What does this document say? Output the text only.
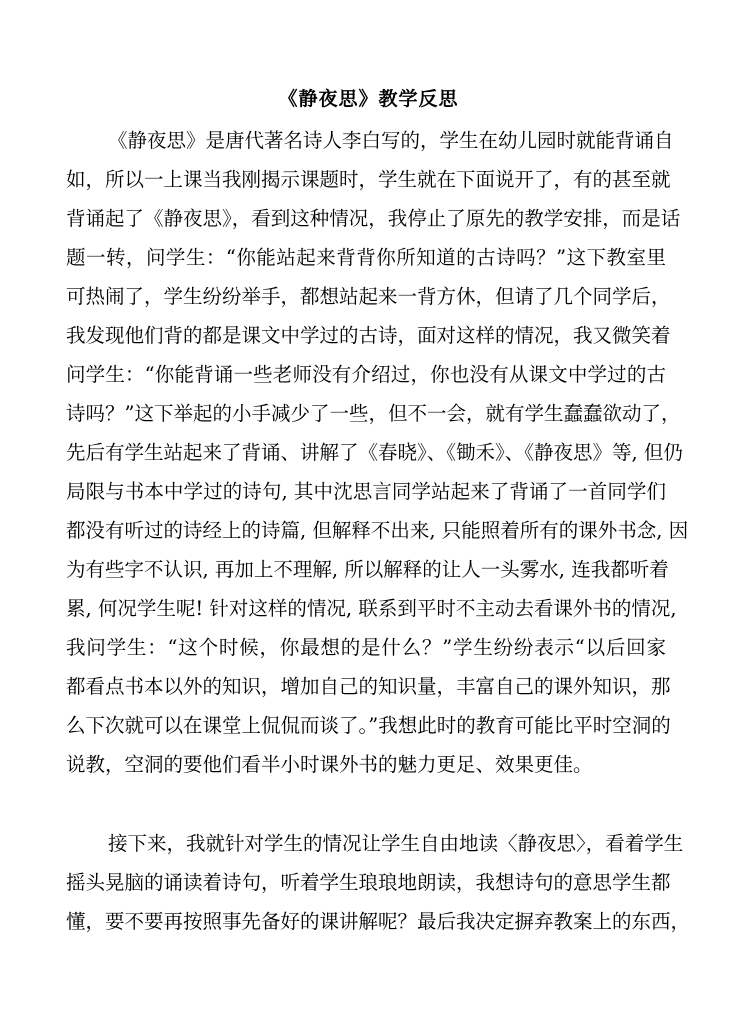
《静夜思》教学反思
《静夜思》是唐代著名诗人李白写的，学生在幼儿园时就能背诵自
如，所以一上课当我刚揭示课题时，学生就在下面说开了，有的甚至就
背诵起了《静夜思》，看到这种情况，我停止了原先的教学安排，而是话
题一转，问学生：“你能站起来背背你所知道的古诗吗？”这下教室里
可热闹了，学生纷纷举手，都想站起来一背方休，但请了几个同学后，
我发现他们背的都是课文中学过的古诗，面对这样的情况，我又微笑着
问学生：“你能背诵一些老师没有介绍过，你也没有从课文中学过的古
诗吗？”这下举起的小手减少了一些，但不一会，就有学生蠢蠢欲动了，
先后有学生站起来了背诵、讲解了《春晓》、《锄禾》、《静夜思》等, 但仍
局限与书本中学过的诗句, 其中沈思言同学站起来了背诵了一首同学们
都没有听过的诗经上的诗篇, 但解释不出来, 只能照着所有的课外书念, 因
为有些字不认识, 再加上不理解, 所以解释的让人一头雾水, 连我都听着
累, 何况学生呢! 针对这样的情况, 联系到平时不主动去看课外书的情况,
我问学生：“这个时候，你最想的是什么？”学生纷纷表示“以后回家
都看点书本以外的知识，增加自己的知识量，丰富自己的课外知识，那
么下次就可以在课堂上侃侃而谈了。”我想此时的教育可能比平时空洞的
说教，空洞的要他们看半小时课外书的魅力更足、效果更佳。
接下来，我就针对学生的情况让学生自由地读〈静夜思〉，看着学生
摇头晃脑的诵读着诗句，听着学生琅琅地朗读，我想诗句的意思学生都
懂，要不要再按照事先备好的课讲解呢？最后我决定摒弃教案上的东西，
